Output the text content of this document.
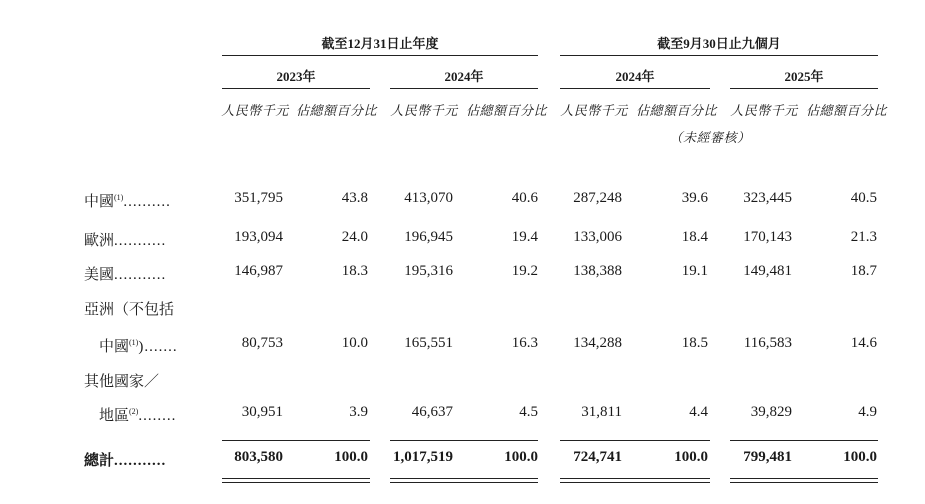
截至12月31日止年度	截至9月30日止九個月
2023年	2024年	2024年	2025年
人民幣千元 佔總額百分比	人民幣千元 佔總額百分比	人民幣千元 佔總額百分比	人民幣千元 佔總額百分比
（未經審核）
中國$^{(1)}$..........	351,795	43.8	413,070	40.6	287,248	39.6	323,445	40.5
歐洲...........	193,094	24.0	196,945	19.4	133,006	18.4	170,143	21.3
美國...........	146,987	18.3	195,316	19.2	138,388	19.1	149,481	18.7
亞洲（不包括
中國$^{(1)}$).......	80,753	10.0	165,551	16.3	134,288	18.5	116,583	14.6
其他國家／
地區$^{(2)}$........	30,951	3.9	46,637	4.5	31,811	4.4	39,829	4.9
總計...........	803,580	100.0	1,017,519	100.0	724,741	100.0	799,481	100.0
